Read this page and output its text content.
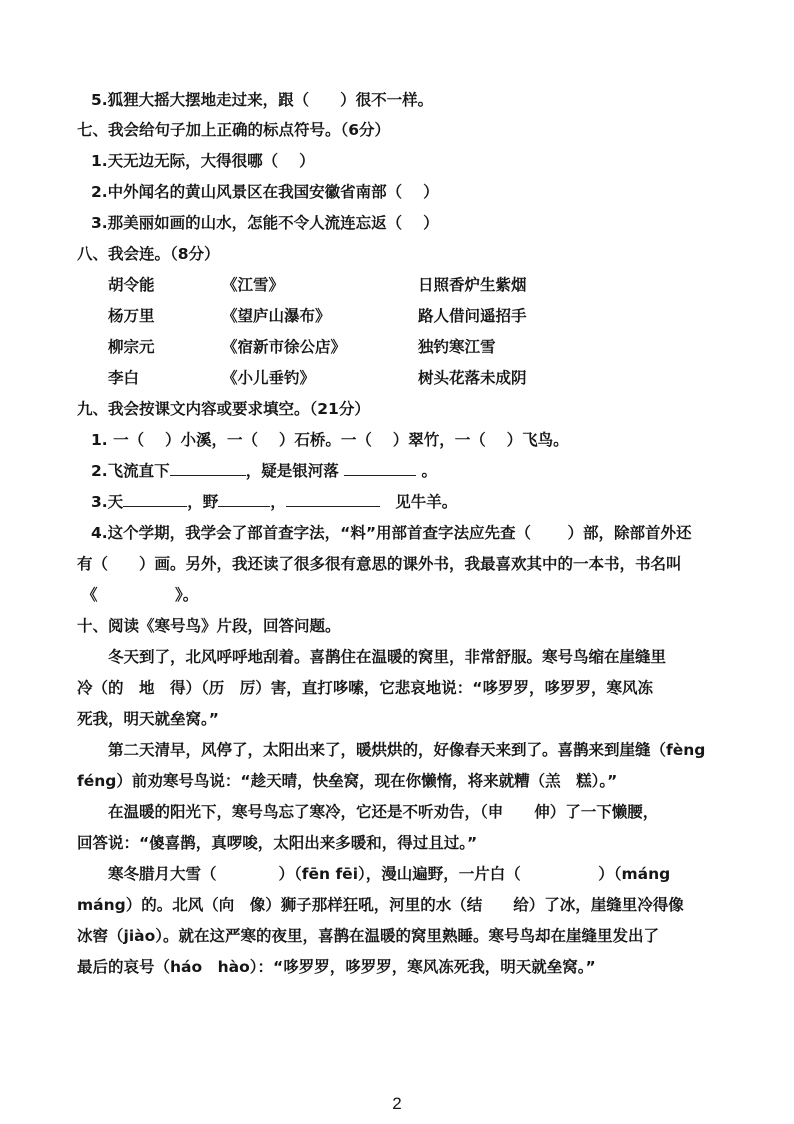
5.狐狸大摇大摆地走过来，跟（　　）很不一样。
七、我会给句子加上正确的标点符号。（6分）
1.天无边无际，大得很哪（　 ）
2.中外闻名的黄山风景区在我国安徽省南部（　 ）
3.那美丽如画的山水，怎能不令人流连忘返（　 ）
八、我会连。（8分）
胡令能	《江雪》	日照香炉生紫烟
杨万里	《望庐山瀑布》	路人借问遥招手
柳宗元	《宿新市徐公店》	独钓寒江雪
李白	《小儿垂钓》	树头花落未成阴
九、我会按课文内容或要求填空。（21分）
1. 一（　 ）小溪，一（　 ）石桥。一（　 ）翠竹，一（　 ）飞鸟。
2.飞流直下	，疑是银河落	。
3.天	，野	，　	见牛羊。
4.这个学期，我学会了部首查字法，“料”用部首查字法应先查（　　 ）部，除部首外还
有（　　）画。另外，我还读了很多很有意思的课外书，我最喜欢其中的一本书，书名叫
《　　　　　》。
十、阅读《寒号鸟》片段，回答问题。
冬天到了，北风呼呼地刮着。喜鹊住在温暖的窝里，非常舒服。寒号鸟缩在崖缝里
冷（的　地　得）（历　厉）害，直打哆嗦，它悲哀地说：“哆罗罗，哆罗罗，寒风冻
死我，明天就垒窝。”
第二天清早，风停了，太阳出来了，暖烘烘的，好像春天来到了。喜鹊来到崖缝（fèng
féng）前劝寒号鸟说：“趁天晴，快垒窝，现在你懒惰，将来就糟（羔　糕）。”
在温暖的阳光下，寒号鸟忘了寒冷，它还是不听劝告，（申　　伸）了一下懒腰，
回答说：“傻喜鹊，真啰唆，太阳出来多暖和，得过且过。”
寒冬腊月大雪（　　　　）（fēn fēi），漫山遍野，一片白（　　　　　）（máng
máng）的。北风（向　像）狮子那样狂吼，河里的水（结　　给）了冰，崖缝里冷得像
冰窖（jiào）。就在这严寒的夜里，喜鹊在温暖的窝里熟睡。寒号鸟却在崖缝里发出了
最后的哀号（háo　hào）：“哆罗罗，哆罗罗，寒风冻死我，明天就垒窝。”
2
